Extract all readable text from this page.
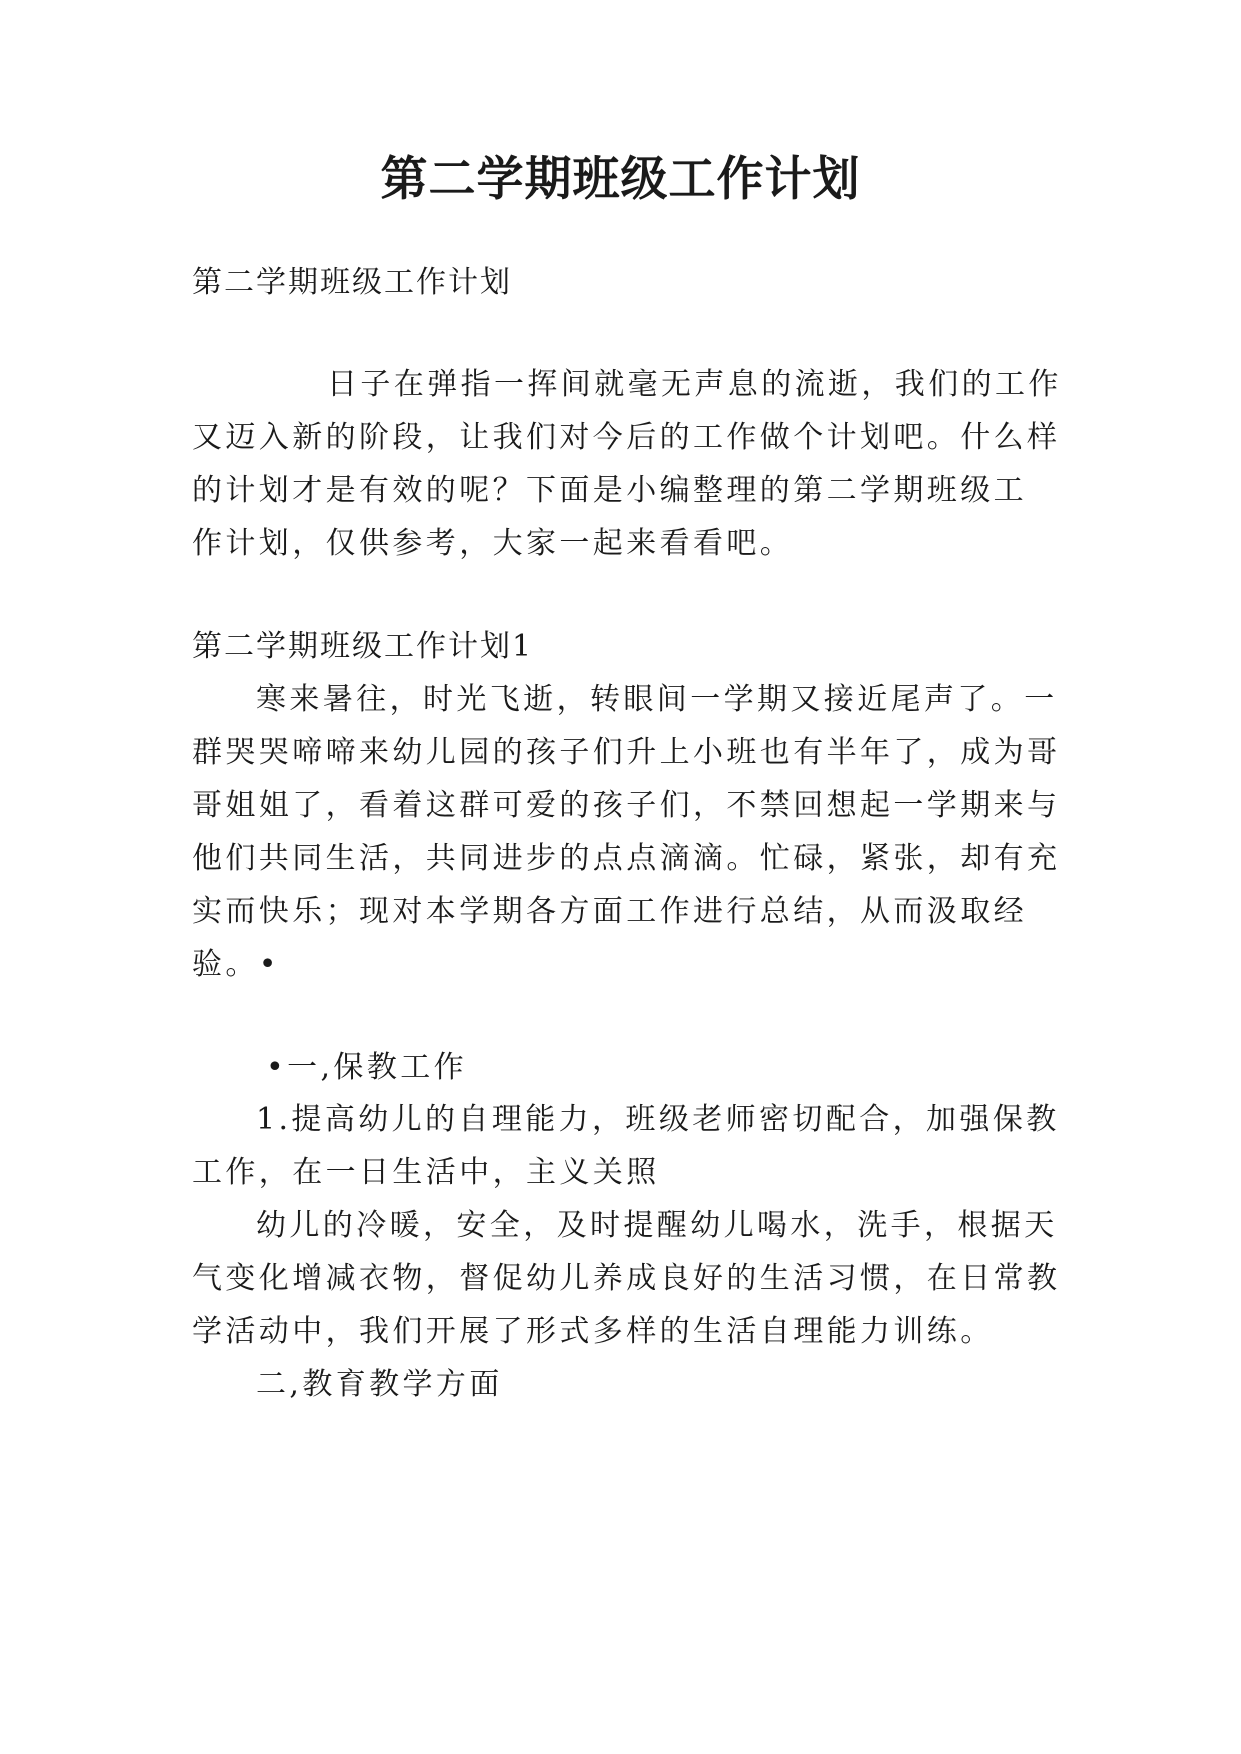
第二学期班级工作计划
第二学期班级工作计划
日子在弹指一挥间就毫无声息的流逝，我们的工作
又迈入新的阶段，让我们对今后的工作做个计划吧。什么样
的计划才是有效的呢？下面是小编整理的第二学期班级工
作计划，仅供参考，大家一起来看看吧。
第二学期班级工作计划1
寒来暑往，时光飞逝，转眼间一学期又接近尾声了。一
群哭哭啼啼来幼儿园的孩子们升上小班也有半年了，成为哥
哥姐姐了，看着这群可爱的孩子们，不禁回想起一学期来与
他们共同生活，共同进步的点点滴滴。忙碌，紧张，却有充
实而快乐；现对本学期各方面工作进行总结，从而汲取经
验。•
•一,保教工作
1.提高幼儿的自理能力，班级老师密切配合，加强保教
工作，在一日生活中，主义关照
幼儿的冷暖，安全，及时提醒幼儿喝水，洗手，根据天
气变化增减衣物，督促幼儿养成良好的生活习惯，在日常教
学活动中，我们开展了形式多样的生活自理能力训练。
二,教育教学方面
